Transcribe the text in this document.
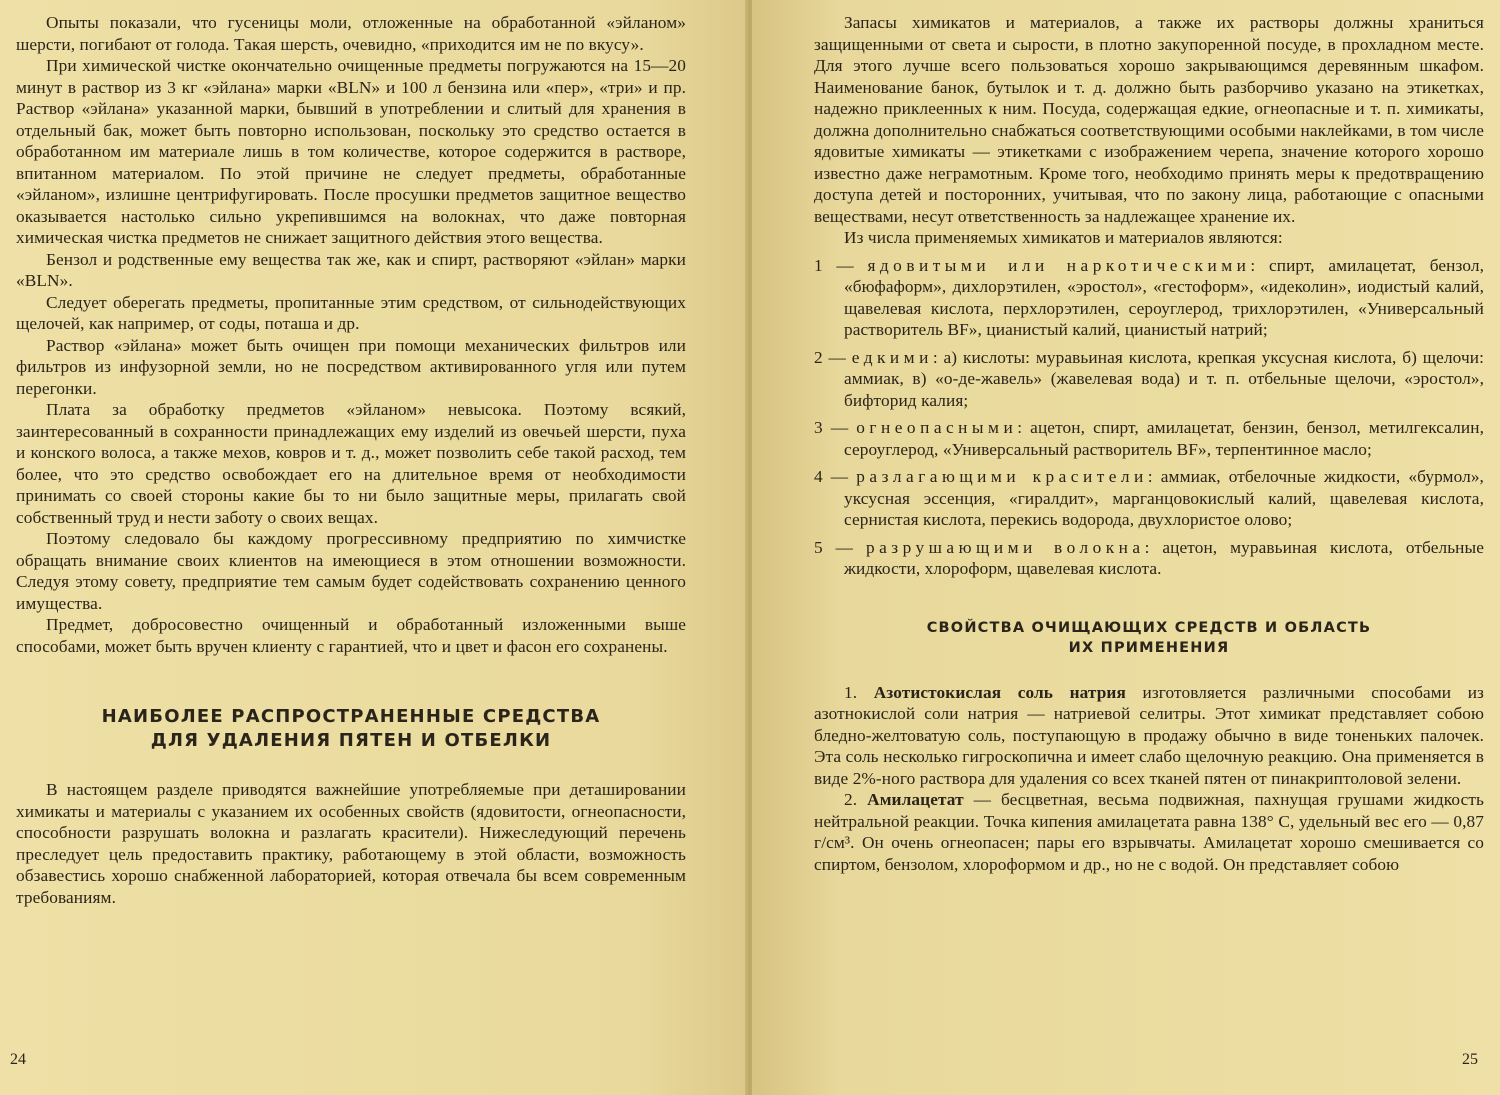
Опыты показали, что гусеницы моли, отложенные на обработанной «эйланом» шерсти, погибают от голода. Такая шерсть, очевидно, «приходится им не по вкусу».

При химической чистке окончательно очищенные предметы погружаются на 15—20 минут в раствор из 3 кг «эйлана» марки «BLN» и 100 л бензина или «пер», «три» и пр. Раствор «эйлана» указанной марки, бывший в употреблении и слитый для хранения в отдельный бак, может быть повторно использован, поскольку это средство остается в обработанном им материале лишь в том количестве, которое содержится в растворе, впитанном материалом. По этой причине не следует предметы, обработанные «эйланом», излишне центрифугировать. После просушки предметов защитное вещество оказывается настолько сильно укрепившимся на волокнах, что даже повторная химическая чистка предметов не снижает защитного действия этого вещества.

Бензол и родственные ему вещества так же, как и спирт, растворяют «эйлан» марки «BLN».

Следует оберегать предметы, пропитанные этим средством, от сильнодействующих щелочей, как например, от соды, поташа и др.

Раствор «эйлана» может быть очищен при помощи механических фильтров или фильтров из инфузорной земли, но не посредством активированного угля или путем перегонки.

Плата за обработку предметов «эйланом» невысока. Поэтому всякий, заинтересованный в сохранности принадлежащих ему изделий из овечьей шерсти, пуха и конского волоса, а также мехов, ковров и т. д., может позволить себе такой расход, тем более, что это средство освобождает его на длительное время от необходимости принимать со своей стороны какие бы то ни было защитные меры, прилагать свой собственный труд и нести заботу о своих вещах.

Поэтому следовало бы каждому прогрессивному предприятию по химчистке обращать внимание своих клиентов на имеющиеся в этом отношении возможности. Следуя этому совету, предприятие тем самым будет содействовать сохранению ценного имущества.

Предмет, добросовестно очищенный и обработанный изложенными выше способами, может быть вручен клиенту с гарантией, что и цвет и фасон его сохранены.

НАИБОЛЕЕ РАСПРОСТРАНЕННЫЕ СРЕДСТВА
ДЛЯ УДАЛЕНИЯ ПЯТЕН И ОТБЕЛКИ

В настоящем разделе приводятся важнейшие употребляемые при деташировании химикаты и материалы с указанием их особенных свойств (ядовитости, огнеопасности, способности разрушать волокна и разлагать красители). Нижеследующий перечень преследует цель предоставить практику, работающему в этой области, возможность обзавестись хорошо снабженной лабораторией, которая отвечала бы всем современным требованиям.

24

Запасы химикатов и материалов, а также их растворы должны храниться защищенными от света и сырости, в плотно закупоренной посуде, в прохладном месте. Для этого лучше всего пользоваться хорошо закрывающимся деревянным шкафом. Наименование банок, бутылок и т. д. должно быть разборчиво указано на этикетках, надежно приклеенных к ним. Посуда, содержащая едкие, огнеопасные и т. п. химикаты, должна дополнительно снабжаться соответствующими особыми наклейками, в том числе ядовитые химикаты — этикетками с изображением черепа, значение которого хорошо известно даже неграмотным. Кроме того, необходимо принять меры к предотвращению доступа детей и посторонних, учитывая, что по закону лица, работающие с опасными веществами, несут ответственность за надлежащее хранение их.

Из числа применяемых химикатов и материалов являются:

1 — ядовитыми или наркотическими: спирт, амилацетат, бензол, «бюфаформ», дихлорэтилен, «эростол», «гестоформ», «идеколин», иодистый калий, щавелевая кислота, перхлорэтилен, сероуглерод, трихлорэтилен, «Универсальный растворитель BF», цианистый калий, цианистый натрий;

2 — едкими: а) кислоты: муравьиная кислота, крепкая уксусная кислота, б) щелочи: аммиак, в) «о-де-жавель» (жавелевая вода) и т. п. отбельные щелочи, «эростол», бифторид калия;

3 — огнеопасными: ацетон, спирт, амилацетат, бензин, бензол, метилгексалин, сероуглерод, «Универсальный растворитель BF», терпентинное масло;

4 — разлагающими красители: аммиак, отбелочные жидкости, «бурмол», уксусная эссенция, «гиралдит», марганцовокислый калий, щавелевая кислота, сернистая кислота, перекись водорода, двухлористое олово;

5 — разрушающими волокна: ацетон, муравьиная кислота, отбельные жидкости, хлороформ, щавелевая кислота.

СВОЙСТВА ОЧИЩАЮЩИХ СРЕДСТВ И ОБЛАСТЬ
ИХ ПРИМЕНЕНИЯ

1. Азотистокислая соль натрия изготовляется различными способами из азотнокислой соли натрия — натриевой селитры. Этот химикат представляет собою бледно-желтоватую соль, поступающую в продажу обычно в виде тоненьких палочек. Эта соль несколько гигроскопична и имеет слабо щелочную реакцию. Она применяется в виде 2%-ного раствора для удаления со всех тканей пятен от пинакриптоловой зелени.

2. Амилацетат — бесцветная, весьма подвижная, пахнущая грушами жидкость нейтральной реакции. Точка кипения амилацетата равна 138° С, удельный вес его — 0,87 г/см³. Он очень огнеопасен; пары его взрывчаты. Амилацетат хорошо смешивается со спиртом, бензолом, хлороформом и др., но не с водой. Он представляет собою

25
